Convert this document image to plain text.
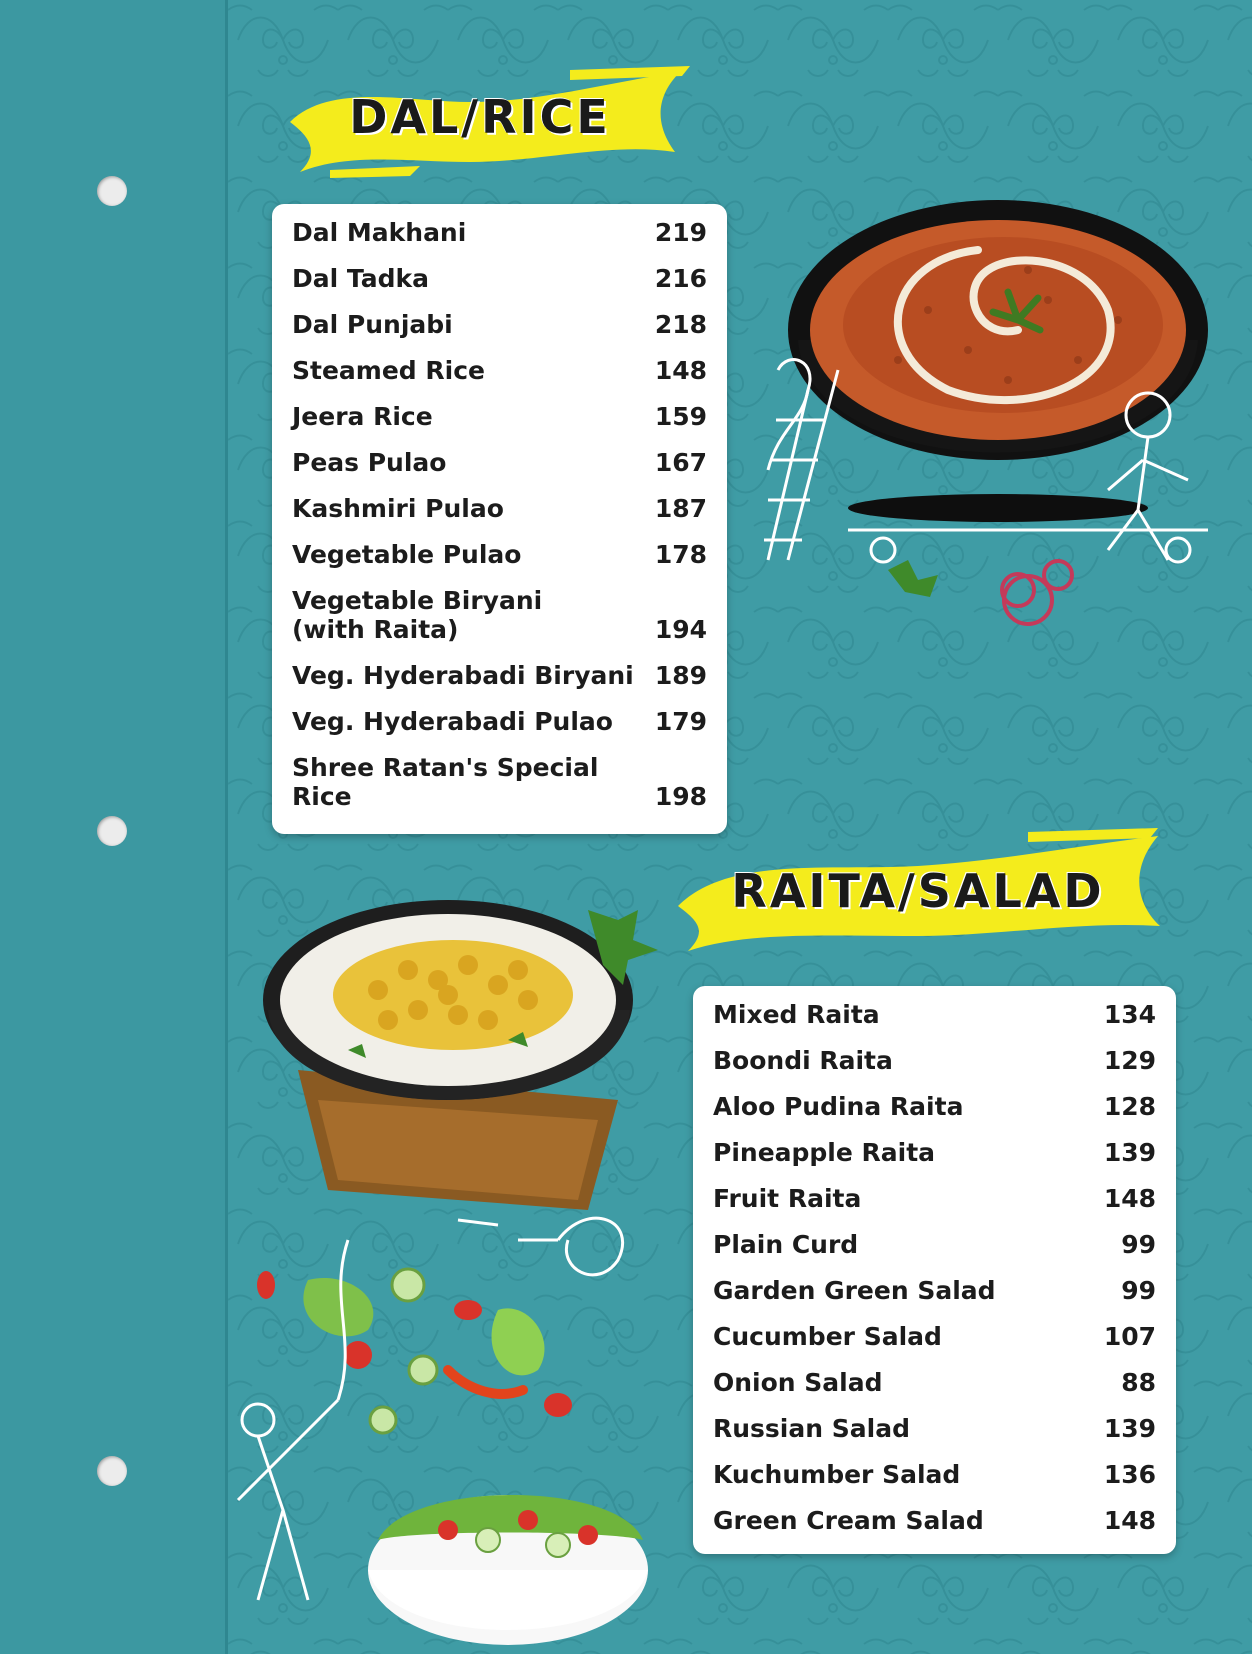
DAL/RICE
Dal Makhani	219
Dal Tadka	216
Dal Punjabi	218
Steamed Rice	148
Jeera Rice	159
Peas Pulao	167
Kashmiri Pulao	187
Vegetable Pulao	178
Vegetable Biryani
(with Raita)	194
Veg. Hyderabadi Biryani 189
Veg. Hyderabadi Pulao	179
Shree Ratan's Special
Rice	198
RAITA/SALAD
Mixed Raita	134
Boondi Raita	129
Aloo Pudina Raita	128
Pineapple Raita	139
Fruit Raita	148
Plain Curd	99
Garden Green Salad	99
Cucumber Salad	107
Onion Salad	88
Russian Salad	139
Kuchumber Salad	136
Green Cream Salad	148
